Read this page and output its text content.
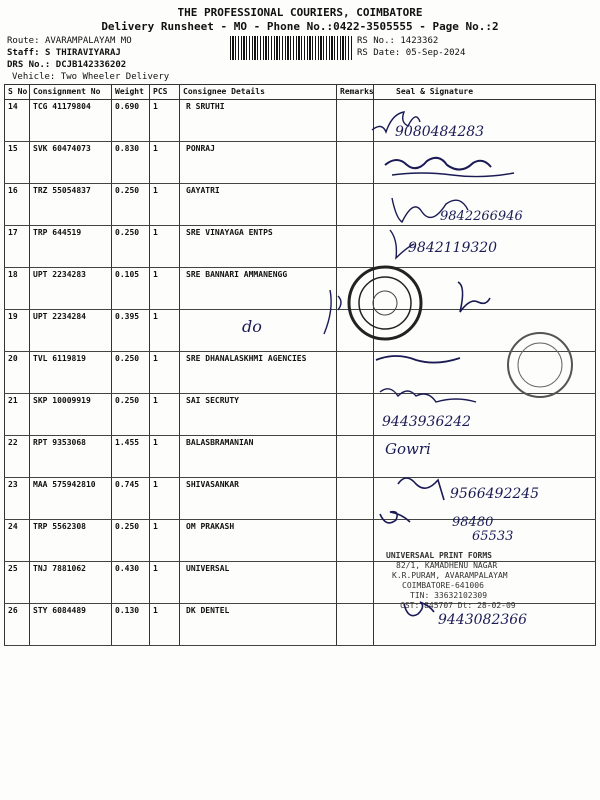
THE PROFESSIONAL COURIERS, COIMBATORE
Delivery Runsheet - MO - Phone No.:0422-3505555 - Page No.:2
Route: AVARAMPALAYAM MO
Staff: S THIRAVIYARAJ
DRS No.: DCJB142336202
Vehicle: Two Wheeler Delivery
RS No.: 1423362
RS Date: 05-Sep-2024
S No	Consignment No	Weight	PCS	Consignee Details	Remarks	Seal & Signature
14	TCG 41179804	0.690	1	R SRUTHI		
15	SVK 60474073	0.830	1	PONRAJ		
16	TRZ 55054837	0.250	1	GAYATRI		
17	TRP 644519	0.250	1	SRE VINAYAGA ENTPS		
18	UPT 2234283	0.105	1	SRE BANNARI AMMANENGG		
19	UPT 2234284	0.395	1			
20	TVL 6119819	0.250	1	SRE DHANALASKHMI AGENCIES		
21	SKP 10009919	0.250	1	SAI SECRUTY		
22	RPT 9353068	1.455	1	BALASBRAMANIAN		
23	MAA 575942810	0.745	1	SHIVASANKAR		
24	TRP 5562308	0.250	1	OM PRAKASH		
25	TNJ 7881062	0.430	1	UNIVERSAL		
26	STY 6084489	0.130	1	DK DENTEL		
9080484283
9842266946
9842119320
do
9443936242
Gowri
9566492245
98480
65533
UNIVERSAAL PRINT FORMS
82/1, KAMADHENU NAGAR
K.R.PURAM, AVARAMPALAYAM
COIMBATORE-641006
TIN: 33632102309
CST: 845707 Dt: 28-02-09
9443082366
